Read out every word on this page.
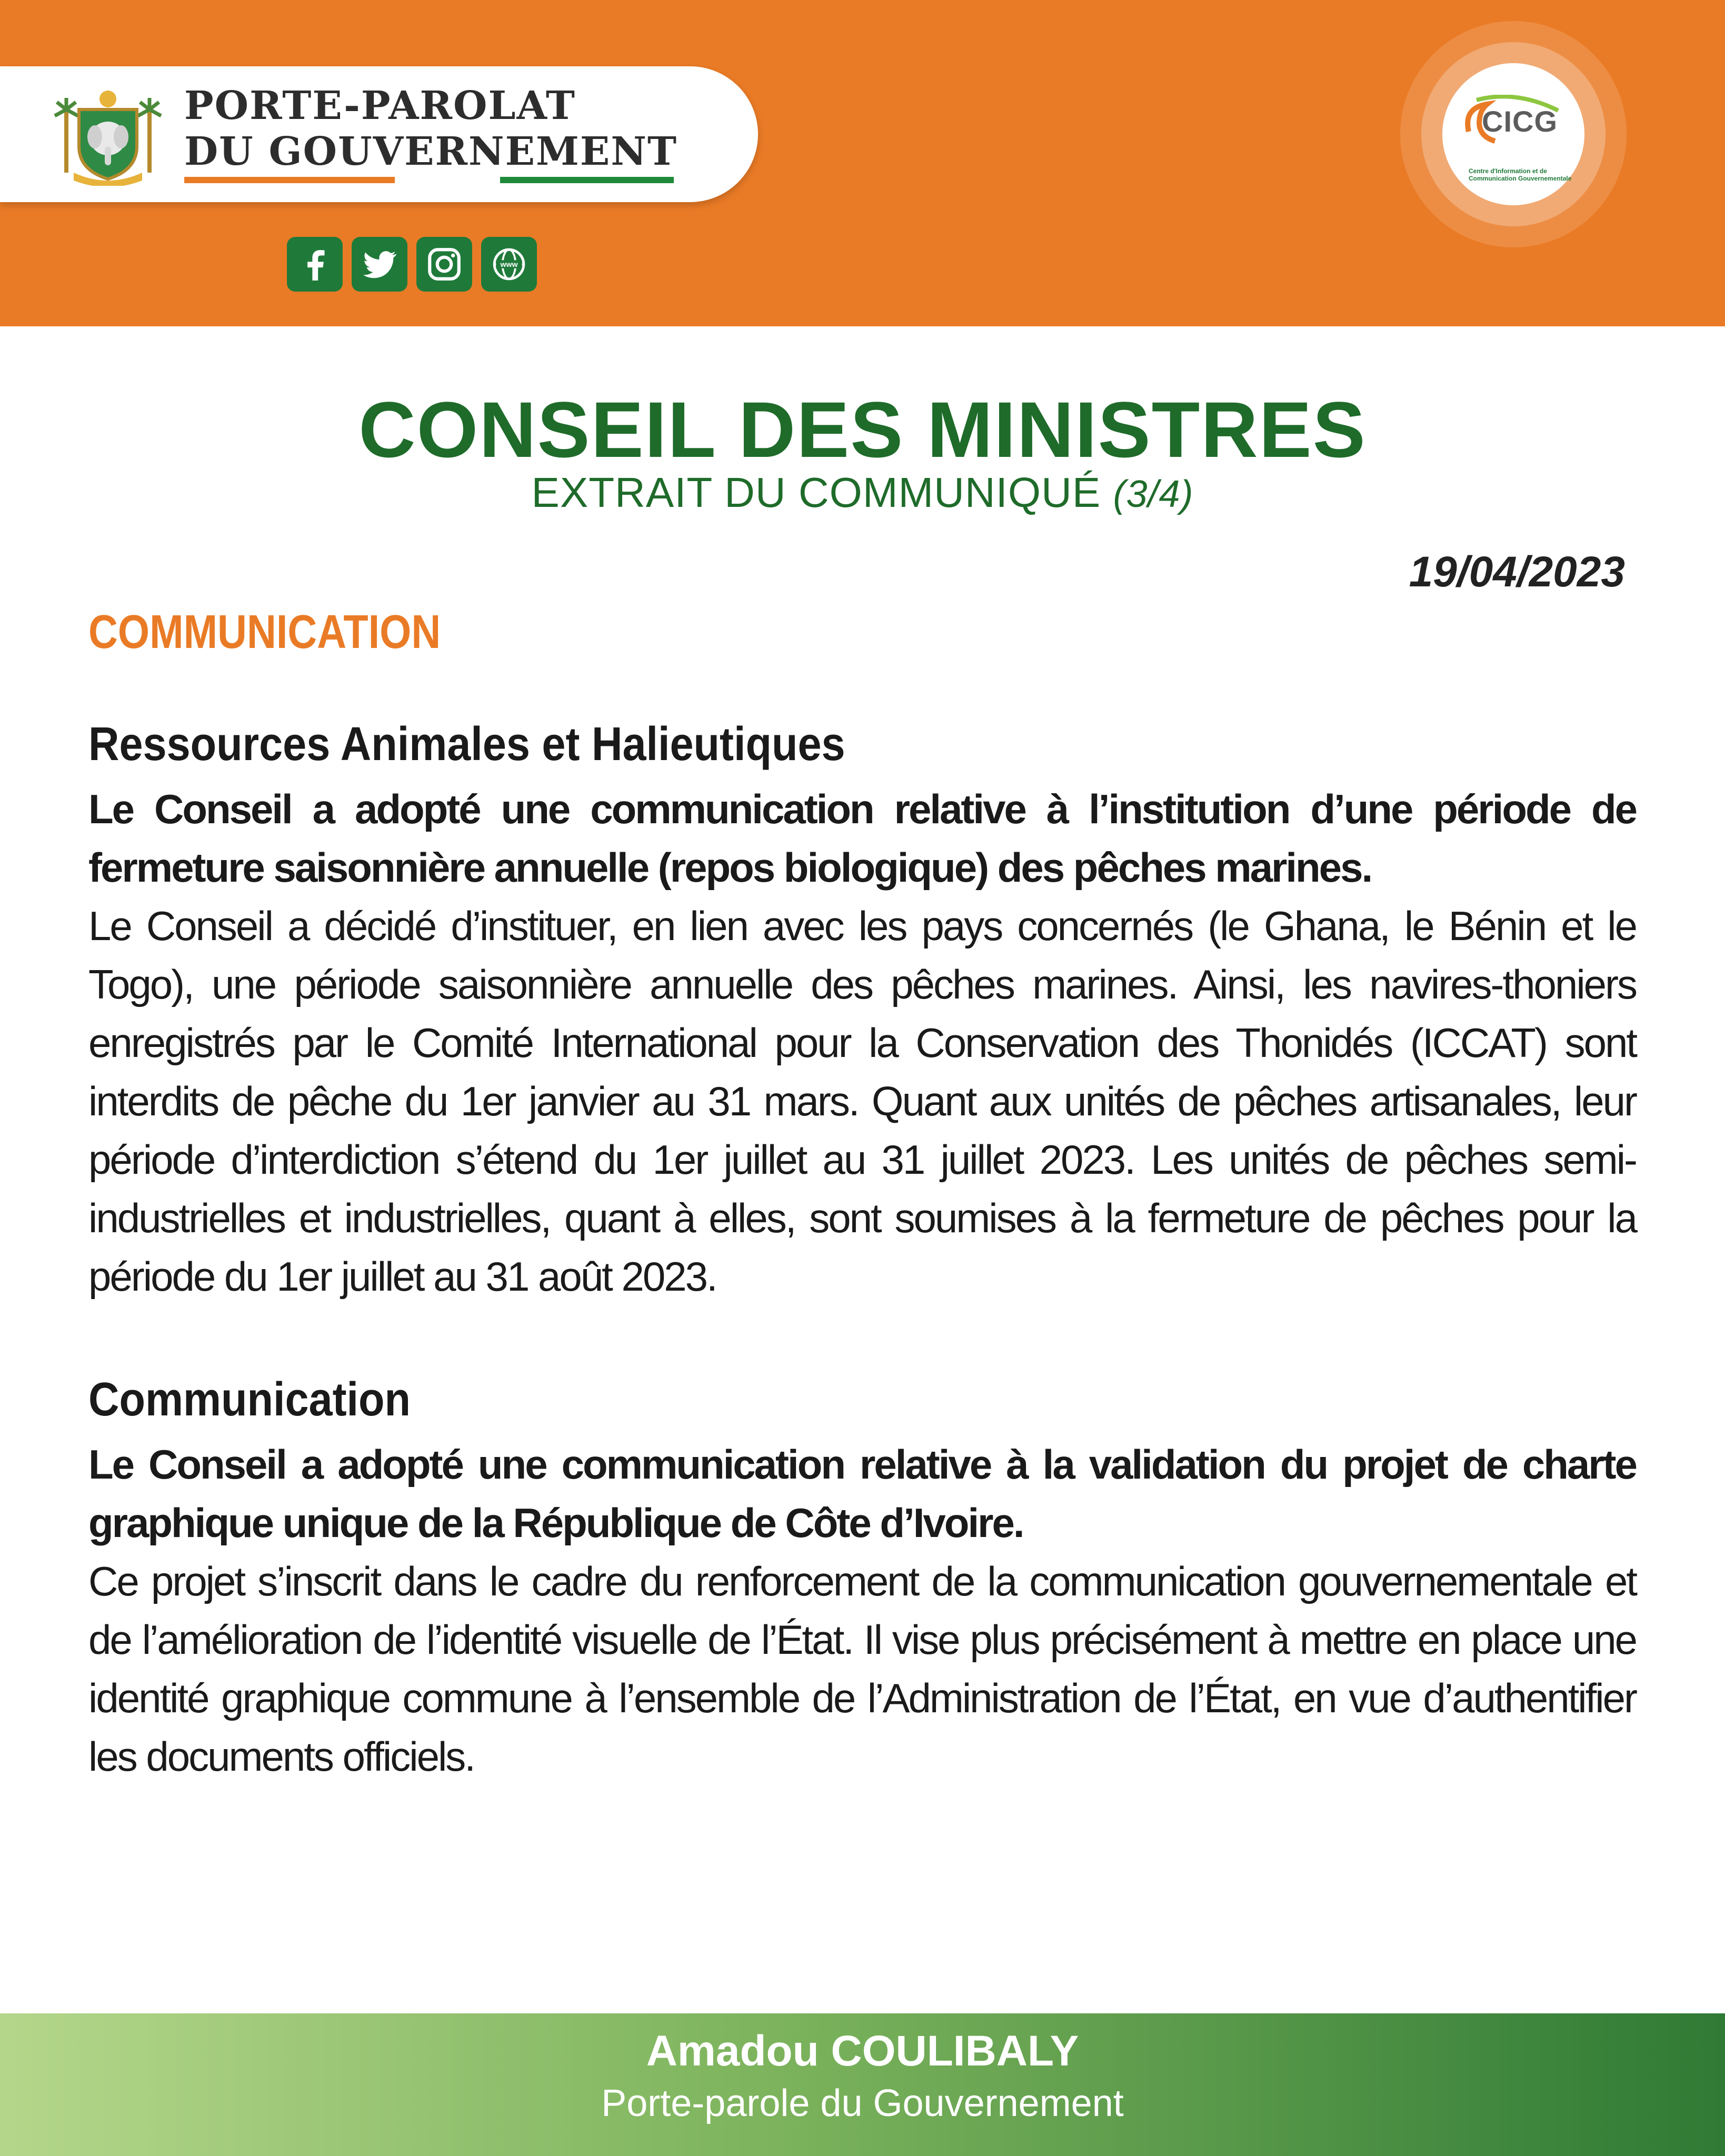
PORTE-PAROLAT
DU GOUVERNEMENT
www
CICG
Centre d'Information et de Communication Gouvernementale
CONSEIL DES MINISTRES
EXTRAIT DU COMMUNIQUÉ (3/4)
19/04/2023
COMMUNICATION
Ressources Animales et Halieutiques

Le Conseil a adopté une communication relative à l’institution d’une période de fermeture saisonnière annuelle (repos biologique) des pêches marines.

Le Conseil a décidé d’instituer, en lien avec les pays concernés (le Ghana, le Bénin et le Togo), une période saisonnière annuelle des pêches marines. Ainsi, les navires-thoniers enregistrés par le Comité International pour la Conservation des Thonidés (ICCAT) sont interdits de pêche du 1er janvier au 31 mars. Quant aux unités de pêches artisanales, leur période d’interdiction s’étend du 1er juillet au 31 juillet 2023. Les unités de pêches semi-industrielles et industrielles, quant à elles, sont soumises à la fermeture de pêches pour la période du 1er juillet au 31 août 2023.

Communication

Le Conseil a adopté une communication relative à la validation du projet de charte graphique unique de la République de Côte d’Ivoire.

Ce projet s’inscrit dans le cadre du renforcement de la communication gouvernementale et de l’amélioration de l’identité visuelle de l’État. Il vise plus précisément à mettre en place une identité graphique commune à l’ensemble de l’Administration de l’État, en vue d’authentifier les documents officiels.

Amadou COULIBALY
Porte-parole du Gouvernement
